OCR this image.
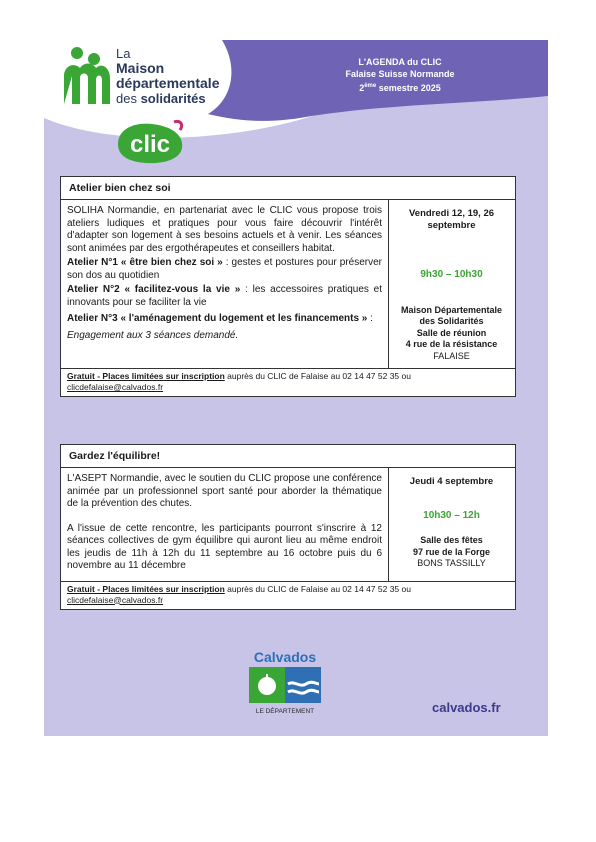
La
Maison
départementale
des solidarités
clic
L'AGENDA du CLIC
Falaise Suisse Normande
2ème semestre 2025
Atelier bien chez soi

SOLIHA Normandie, en partenariat avec le CLIC vous propose trois ateliers ludiques et pratiques pour vous faire découvrir l'intérêt d'adapter son logement à ses besoins actuels et à venir. Les séances sont animées par des ergothérapeutes et conseillers habitat.

Atelier N°1 « être bien chez soi » : gestes et postures pour préserver son dos au quotidien

Atelier N°2 « facilitez-vous la vie » : les accessoires pratiques et innovants pour se faciliter la vie

Atelier N°3 « l'aménagement du logement et les financements » :

Engagement aux 3 séances demandé.

Vendredi 12, 19, 26 septembre
9h30 – 10h30
Maison Départementale des Solidarités
Salle de réunion
4 rue de la résistance
FALAISE
Gratuit - Places limitées sur inscription auprès du CLIC de Falaise au 02 14 47 52 35 ou
clicdefalaise@calvados.fr
Gardez l'équilibre!

L'ASEPT Normandie, avec le soutien du CLIC propose une conférence animée par un professionnel sport santé pour aborder la thématique de la prévention des chutes.

A l'issue de cette rencontre, les participants pourront s'inscrire à 12 séances collectives de gym équilibre qui auront lieu au même endroit les jeudis de 11h à 12h du 11 septembre au 16 octobre puis du 6 novembre au 11 décembre

Jeudi 4 septembre
10h30 – 12h
Salle des fêtes
97 rue de la Forge
BONS TASSILLY
Gratuit - Places limitées sur inscription auprès du CLIC de Falaise au 02 14 47 52 35 ou
clicdefalaise@calvados.fr
Calvados
LE DÉPARTEMENT	calvados.fr
